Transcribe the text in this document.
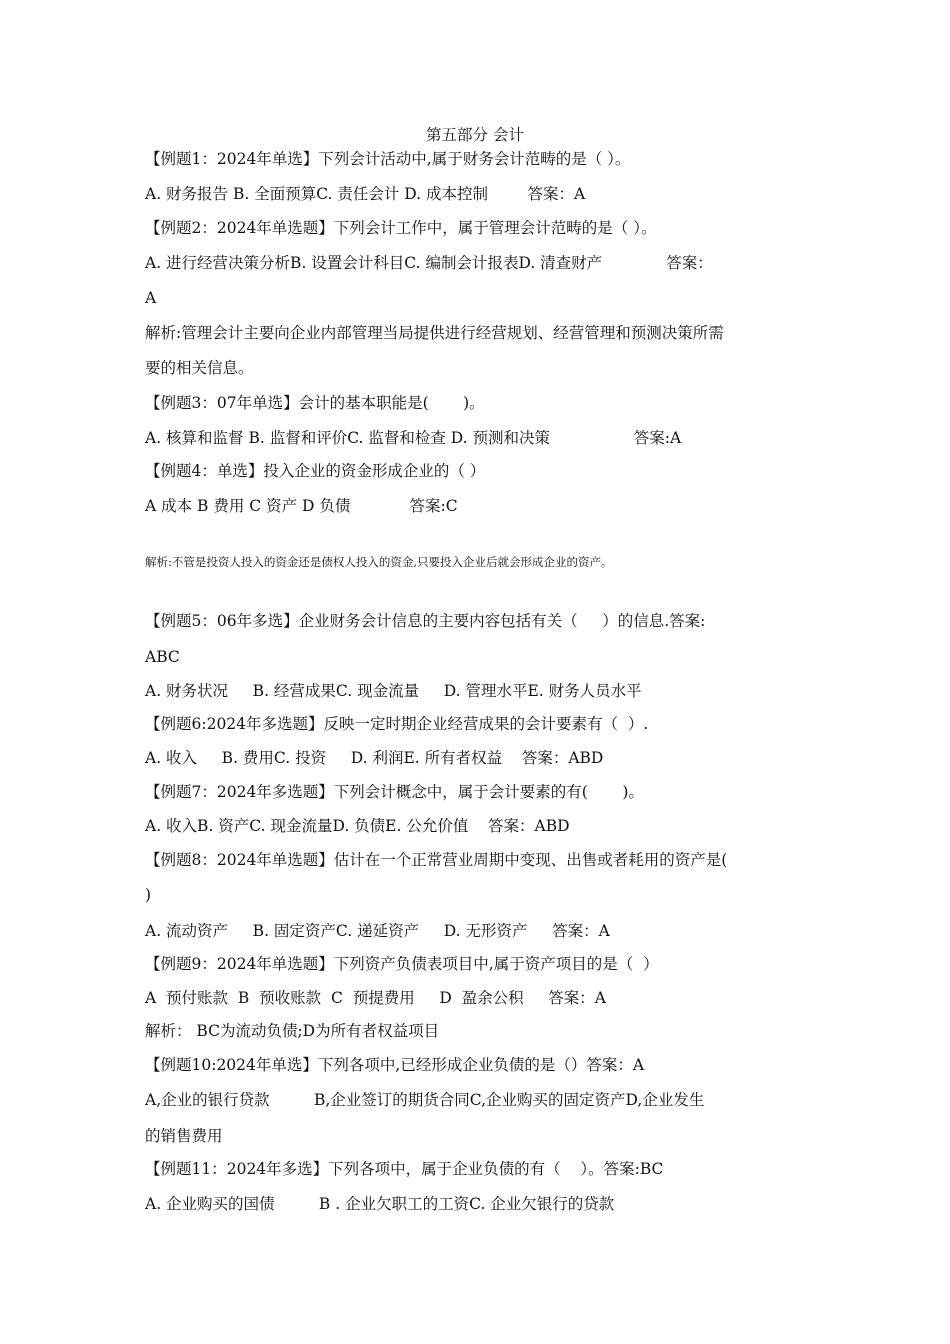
第五部分 会计
【例题1：2024年单选】下列会计活动中,属于财务会计范畴的是（ ）。
A. 财务报告 B. 全面预算C. 责任会计 D. 成本控制        答案：A
【例题2：2024年单选题】下列会计工作中，属于管理会计范畴的是（ ）。
A. 进行经营决策分析B. 设置会计科目C. 编制会计报表D. 清查财产             答案：
A
解析:管理会计主要向企业内部管理当局提供进行经营规划、经营管理和预测决策所需
要的相关信息。
【例题3：07年单选】会计的基本职能是(       )。
A. 核算和监督 B. 监督和评价C. 监督和检查 D. 预测和决策                 答案:A
【例题4：单选】投入企业的资金形成企业的（ ）
A 成本 B 费用 C 资产 D 负债            答案:C
解析:不管是投资人投入的资金还是债权人投入的资金,只要投入企业后就会形成企业的资产。
【例题5：06年多选】企业财务会计信息的主要内容包括有关（     ）的信息.答案:
ABC
A. 财务状况     B. 经营成果C. 现金流量     D. 管理水平E. 财务人员水平
【例题6:2024年多选题】反映一定时期企业经营成果的会计要素有（  ）.
A. 收入     B. 费用C. 投资     D. 利润E. 所有者权益    答案：ABD
【例题7：2024年多选题】下列会计概念中，属于会计要素的有(       )。
A. 收入B. 资产C. 现金流量D. 负债E. 公允价值    答案：ABD
【例题8：2024年单选题】估计在一个正常营业周期中变现、出售或者耗用的资产是(
)
A. 流动资产     B. 固定资产C. 递延资产     D. 无形资产     答案：A
【例题9：2024年单选题】下列资产负债表项目中,属于资产项目的是（  ）
A  预付账款  B  预收账款  C  预提费用     D  盈余公积     答案：A
解析： BC为流动负债;D为所有者权益项目
【例题10:2024年单选】下列各项中,已经形成企业负债的是（）答案：A
A,企业的银行贷款         B,企业签订的期货合同C,企业购买的固定资产D,企业发生
的销售费用
【例题11：2024年多选】下列各项中，属于企业负债的有（    ）。答案:BC
A. 企业购买的国债         B . 企业欠职工的工资C. 企业欠银行的贷款
